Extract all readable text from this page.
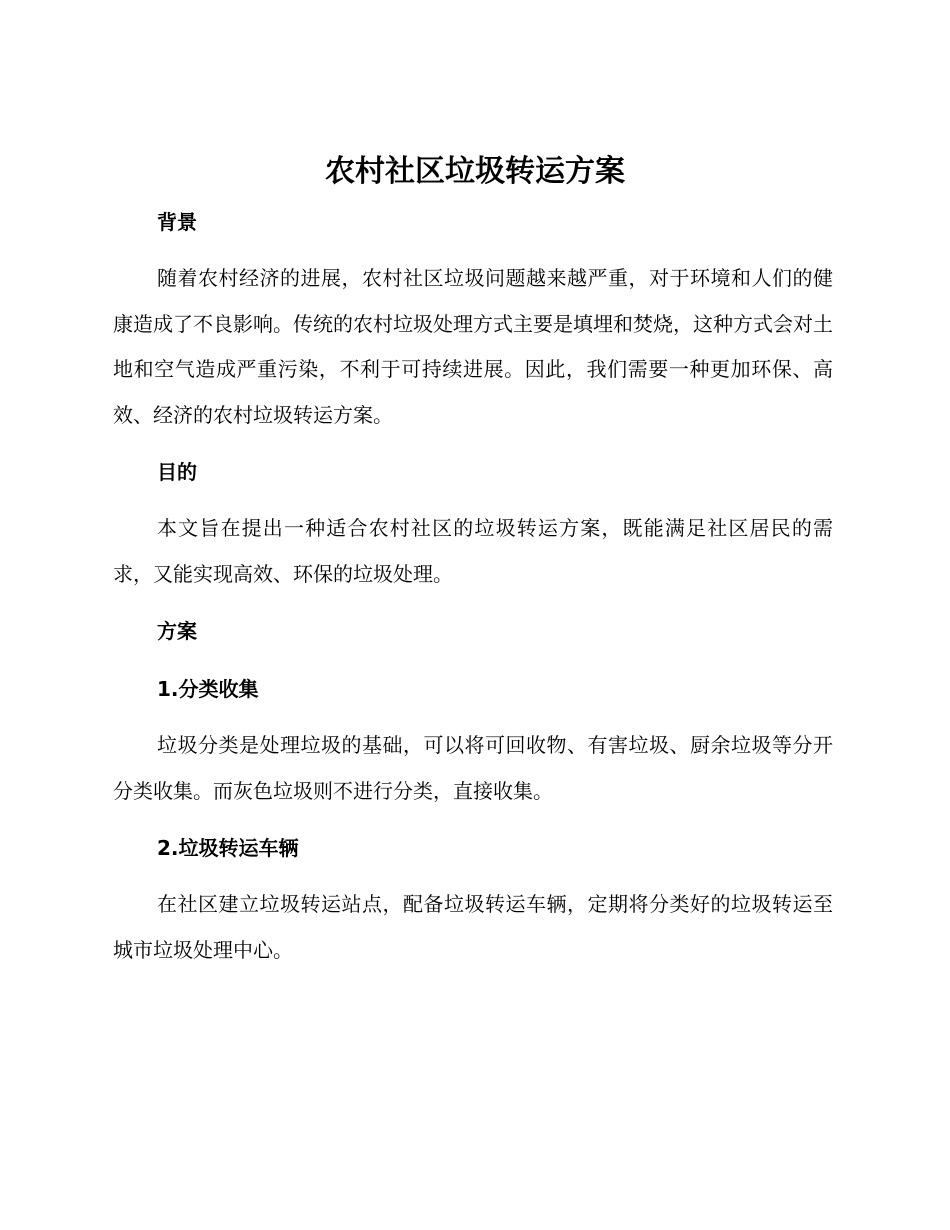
农村社区垃圾转运方案
背景

随着农村经济的进展，农村社区垃圾问题越来越严重，对于环境和人们的健康造成了不良影响。传统的农村垃圾处理方式主要是填埋和焚烧，这种方式会对土地和空气造成严重污染，不利于可持续进展。因此，我们需要一种更加环保、高效、经济的农村垃圾转运方案。

目的

本文旨在提出一种适合农村社区的垃圾转运方案，既能满足社区居民的需求，又能实现高效、环保的垃圾处理。

方案
1.分类收集

垃圾分类是处理垃圾的基础，可以将可回收物、有害垃圾、厨余垃圾等分开分类收集。而灰色垃圾则不进行分类，直接收集。

2.垃圾转运车辆

在社区建立垃圾转运站点，配备垃圾转运车辆，定期将分类好的垃圾转运至城市垃圾处理中心。
